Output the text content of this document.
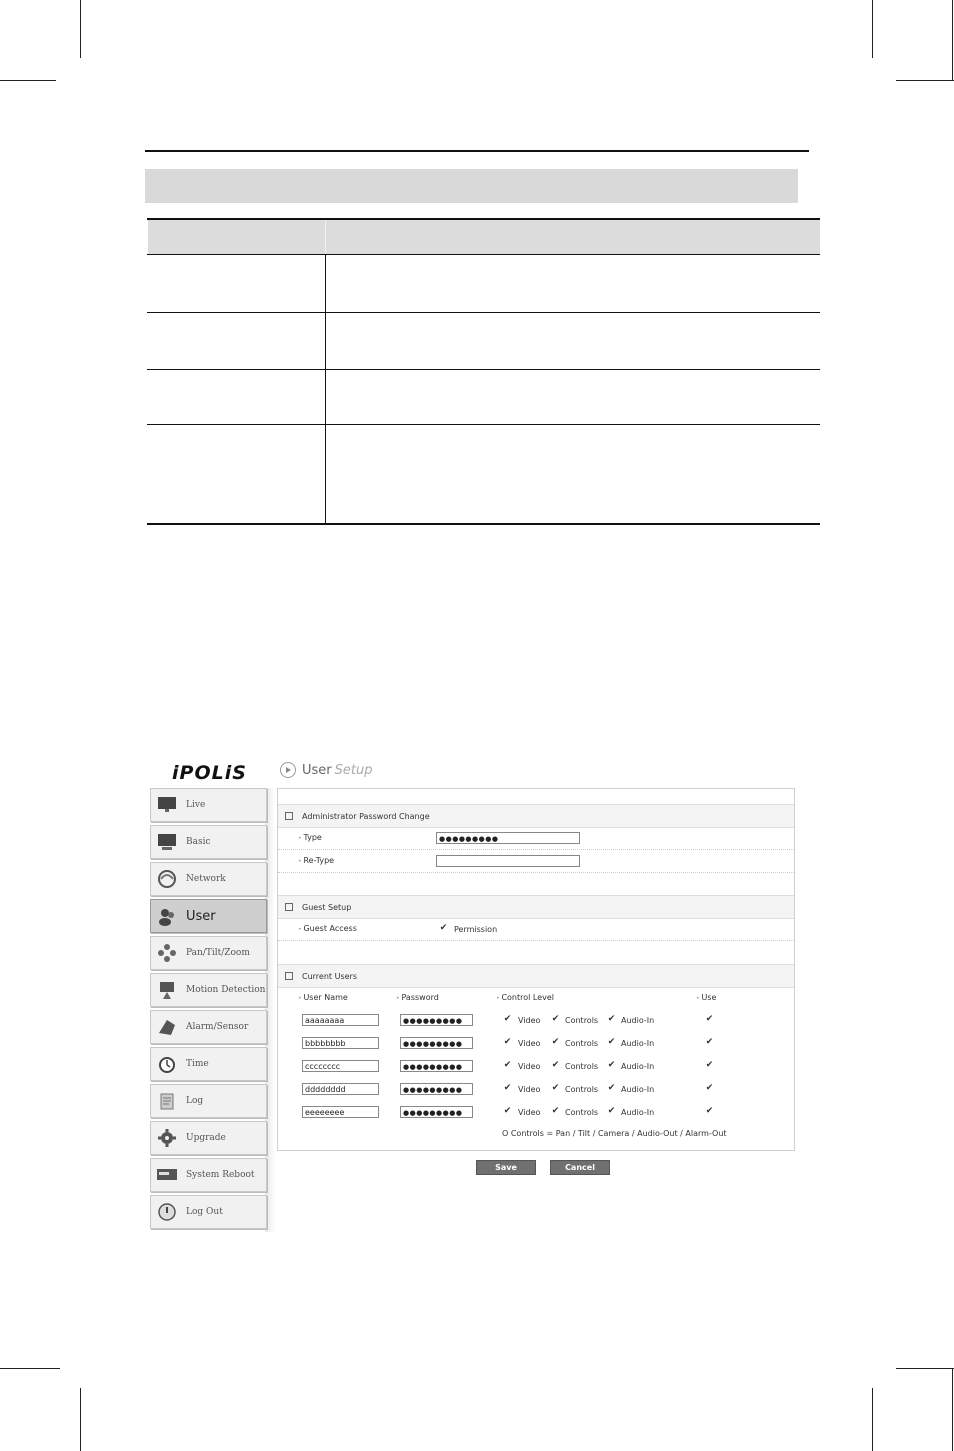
iPOLiS	User Setup
Live
Basic
Network
User
Pan/Tilt/Zoom
Motion Detection
Alarm/Sensor
Time
Log
Upgrade
System Reboot
Log Out
Administrator Password Change
• Type	●●●●●●●●●
• Re-Type
Guest Setup
• Guest Access	✔ Permission
Current Users
• User Name	• Password	• Control Level	• Use
aaaaaaaa	●●●●●●●●●	✔ Video ✔ Controls ✔ Audio-In	✔
bbbbbbbb	●●●●●●●●●	✔ Video ✔ Controls ✔ Audio-In	✔
cccccccc	●●●●●●●●●	✔ Video ✔ Controls ✔ Audio-In	✔
dddddddd	●●●●●●●●●	✔ Video ✔ Controls ✔ Audio-In	✔
eeeeeeee	●●●●●●●●●	✔ Video ✔ Controls ✔ Audio-In	✔
O Controls = Pan / Tilt / Camera / Audio-Out / Alarm-Out
Save	Cancel
